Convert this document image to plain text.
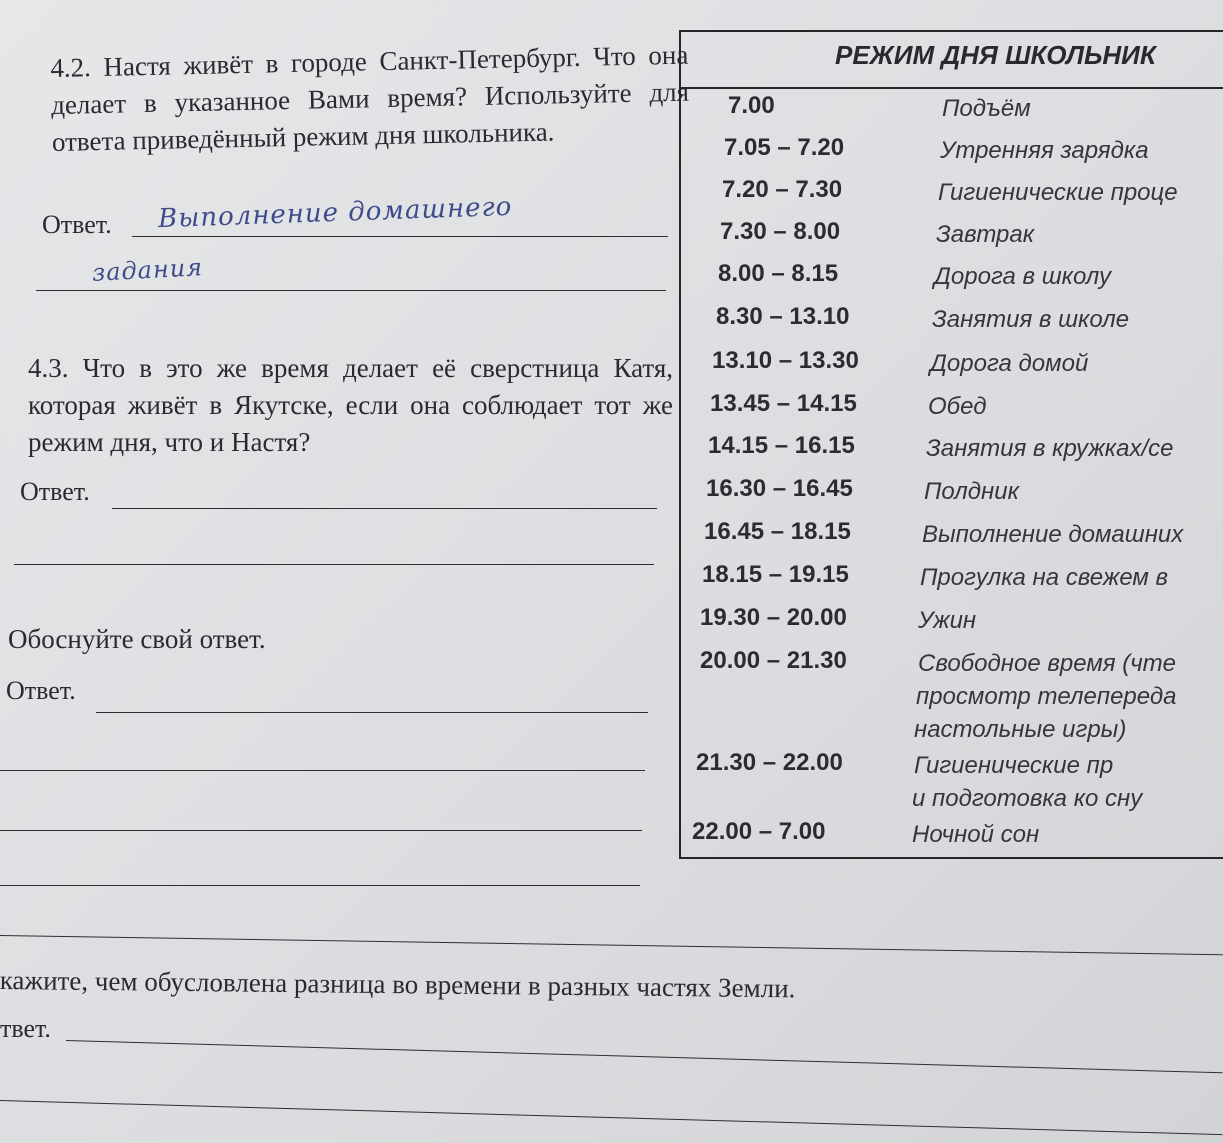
4.2. Настя живёт в городе Санкт-Петербург. Что она делает в указанное Вами время? Используйте для ответа приведённый режим дня школьника.

Ответ. Выполнение домашнего
задания

4.3. Что в это же время делает её сверстница Катя, которая живёт в Якутске, если она соблюдает тот же режим дня, что и Настя?

Ответ.
Обоснуйте свой ответ.
Ответ.
кажите, чем обусловлена разница во времени в разных частях Земли.
твет.
РЕЖИМ ДНЯ ШКОЛЬНИК
7.00	Подъём
7.05 – 7.20	Утренняя зарядка
7.20 – 7.30	Гигиенические проце
7.30 – 8.00	Завтрак
8.00 – 8.15	Дорога в школу
8.30 – 13.10	Занятия в школе
13.10 – 13.30	Дорога домой
13.45 – 14.15	Обед
14.15 – 16.15	Занятия в кружках/се
16.30 – 16.45	Полдник
16.45 – 18.15	Выполнение домашних
18.15 – 19.15	Прогулка на свежем в
19.30 – 20.00	Ужин
20.00 – 21.30	Свободное время (чте
просмотр телепереда
настольные игры)
21.30 – 22.00	Гигиенические пр
и подготовка ко сну
22.00 – 7.00	Ночной сон
